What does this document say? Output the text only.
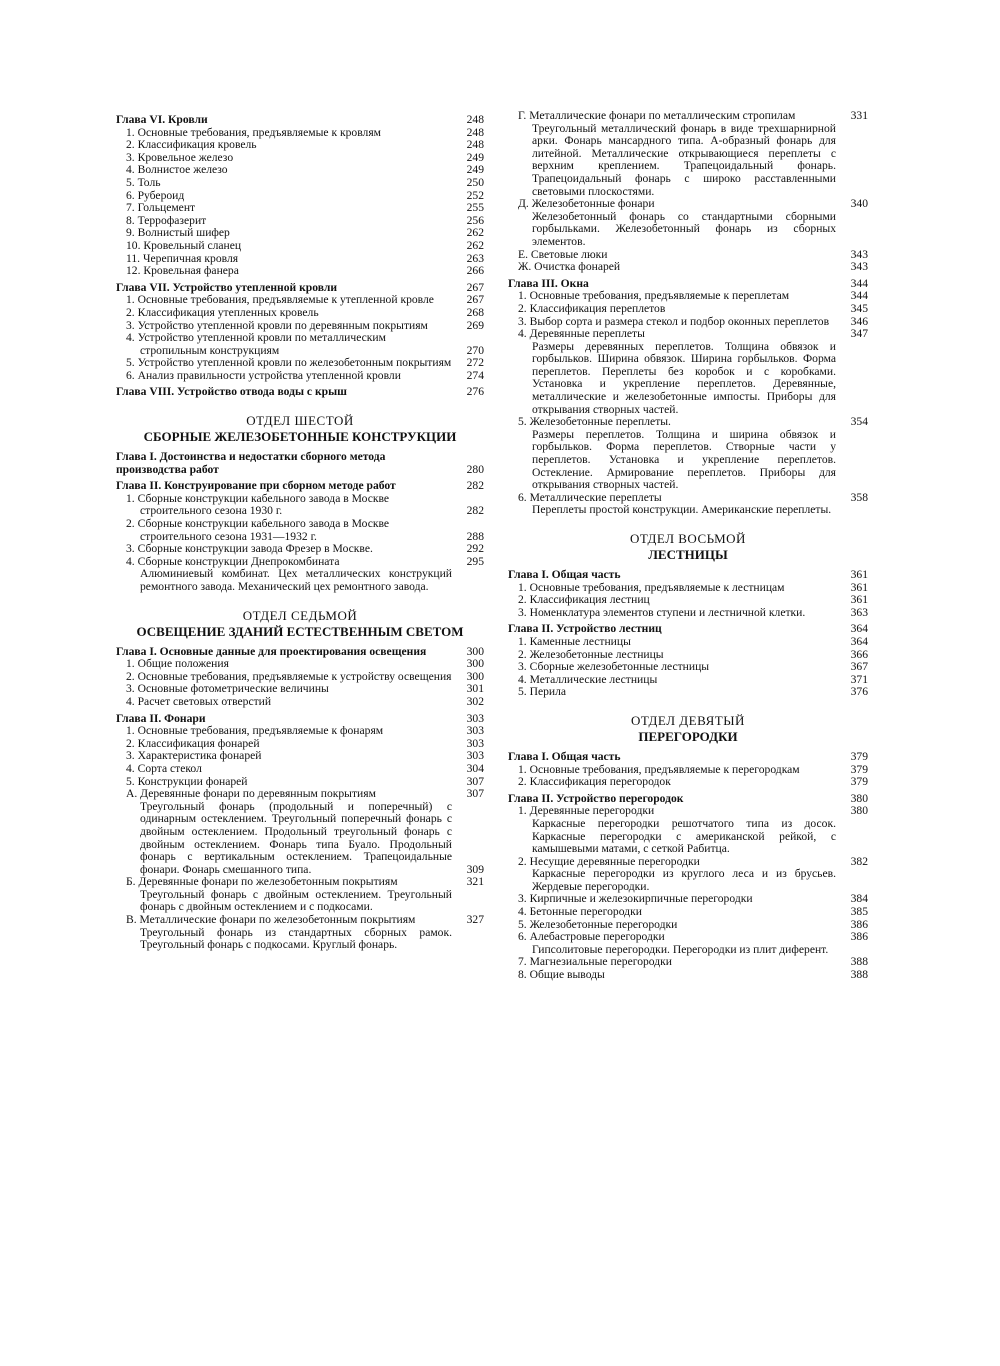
Глава VI. Кровли	248
1. Основные требования, предъявляемые к кровлям	248
2. Классификация кровель	248
3. Кровельное железо	249
4. Волнистое железо	249
5. Толь	250
6. Рубероид	252
7. Гольцемент	255
8. Террофазерит	256
9. Волнистый шифер	262
10. Кровельный сланец	262
11. Черепичная кровля	263
12. Кровельная фанера	266
Глава VII. Устройство утепленной кровли	267
1. Основные требования, предъявляемые к утепленной кровле	267
2. Классификация утепленных кровель	268
3. Устройство утепленной кровли по деревянным покрытиям	269
4. Устройство утепленной кровли по металлическим стропильным конструкциям	270
5. Устройство утепленной кровли по железобетонным покрытиям	272
6. Анализ правильности устройства утепленной кровли	274
Глава VIII. Устройство отвода воды с крыш	276
ОТДЕЛ ШЕСТОЙ
СБОРНЫЕ ЖЕЛЕЗОБЕТОННЫЕ КОНСТРУКЦИИ
Глава I. Достоинства и недостатки сборного метода производства работ	280
Глава II. Конструирование при сборном методе работ	282
1. Сборные конструкции кабельного завода в Москве строительного сезона 1930 г.	282
2. Сборные конструкции кабельного завода в Москве строительного сезона 1931—1932 г.	288
3. Сборные конструкции завода Фрезер в Москве.	292
4. Сборные конструкции Днепрокомбината	295
Алюминиевый комбинат. Цех металлических конструкций ремонтного завода. Механический цех ремонтного завода.
ОТДЕЛ СЕДЬМОЙ
ОСВЕЩЕНИЕ ЗДАНИЙ ЕСТЕСТВЕННЫМ СВЕТОМ
Глава I. Основные данные для проектирования освещения	300
1. Общие положения	300
2. Основные требования, предъявляемые к устройству освещения	300
3. Основные фотометрические величины	301
4. Расчет световых отверстий	302
Глава II. Фонари	303
1. Основные требования, предъявляемые к фонарям	303
2. Классификация фонарей	303
3. Характеристика фонарей	303
4. Сорта стекол	304
5. Конструкции фонарей	307
А. Деревянные фонари по деревянным покрытиям	307
Треугольный фонарь (продольный и поперечный) с одинарным остеклением. Треугольный поперечный фонарь с двойным остеклением. Продольный треугольный фонарь с двойным остеклением. Фонарь типа Буало. Продольный фонарь с вертикальным остеклением. Трапецоидальные фонари. Фонарь смешанного типа.	309
Б. Деревянные фонари по железобетонным покрытиям	321
Треугольный фонарь с двойным остеклением. Треугольный фонарь с двойным остеклением и с подкосами.
В. Металлические фонари по железобетонным покрытиям	327
Треугольный фонарь из стандартных сборных рамок. Треугольный фонарь с подкосами. Круглый фонарь.
Г. Металлические фонари по металлическим стропилам	331
Треугольный металлический фонарь в виде трехшарнирной арки. Фонарь мансардного типа. А-образный фонарь для литейной. Металлические открывающиеся переплеты с верхним креплением. Трапецоидальный фонарь. Трапецоидальный фонарь с широко расставленными световыми плоскостями.
Д. Железобетонные фонари	340
Железобетонный фонарь со стандартными сборными горбыльками. Железобетонный фонарь из сборных элементов.
Е. Световые люки	343
Ж. Очистка фонарей	343
Глава III. Окна	344
1. Основные требования, предъявляемые к переплетам	344
2. Классификация переплетов	345
3. Выбор сорта и размера стекол и подбор оконных переплетов	346
4. Деревянные переплеты	347
Размеры деревянных переплетов. Толщина обвязок и горбыльков. Ширина обвязок. Ширина горбыльков. Форма переплетов. Переплеты без коробок и с коробками. Установка и укрепление переплетов. Деревянные, металлические и железобетонные импосты. Приборы для открывания створных частей.
5. Железобетонные переплеты.	354
Размеры переплетов. Толщина и ширина обвязок и горбыльков. Форма переплетов. Створные части у переплетов. Установка и укрепление переплетов. Остекление. Армирование переплетов. Приборы для открывания створных частей.
6. Металлические переплеты	358
Переплеты простой конструкции. Американские переплеты.
ОТДЕЛ ВОСЬМОЙ
ЛЕСТНИЦЫ
Глава I. Общая часть	361
1. Основные требования, предъявляемые к лестницам	361
2. Классификация лестниц	361
3. Номенклатура элементов ступени и лестничной клетки.	363
Глава II. Устройство лестниц	364
1. Каменные лестницы	364
2. Железобетонные лестницы	366
3. Сборные железобетонные лестницы	367
4. Металлические лестницы	371
5. Перила	376
ОТДЕЛ ДЕВЯТЫЙ
ПЕРЕГОРОДКИ
Глава I. Общая часть	379
1. Основные требования, предъявляемые к перегородкам	379
2. Классификация перегородок	379
Глава II. Устройство перегородок	380
1. Деревянные перегородки	380
Каркасные перегородки решотчатого типа из досок. Каркасные перегородки с американской рейкой, с камышевыми матами, с сеткой Рабитца.
2. Несущие деревянные перегородки	382
Каркасные перегородки из круглого леса и из брусьев. Жердевые перегородки.
3. Кирпичные и железокирпичные перегородки	384
4. Бетонные перегородки	385
5. Железобетонные перегородки	386
6. Алебастровые перегородки	386
Гипсолитовые перегородки. Перегородки из плит диферент.
7. Магнезиальные перегородки	388
8. Общие выводы	388
